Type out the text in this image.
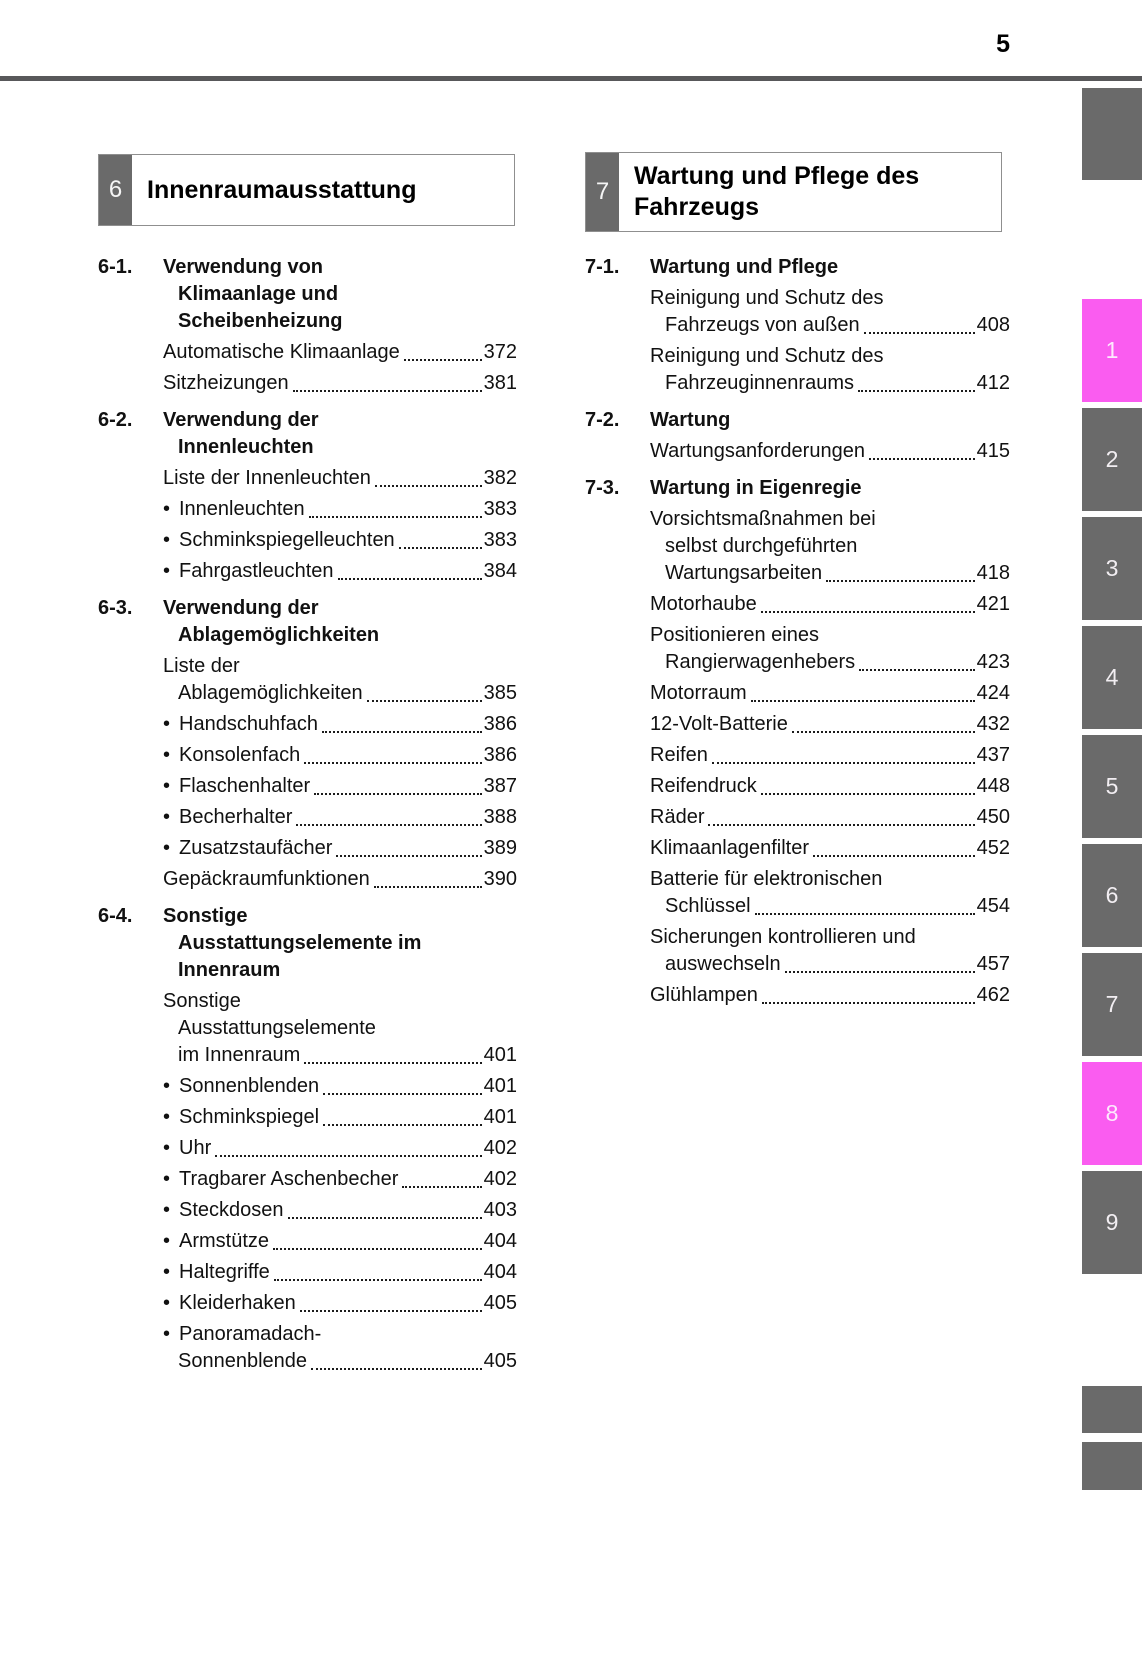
5
6 Innenraumausstattung
6-1.	Verwendung von
Klimaanlage und
Scheibenheizung
Automatische Klimaanlage	372
Sitzheizungen	381
6-2.	Verwendung der
Innenleuchten
Liste der Innenleuchten	382
• Innenleuchten	383
• Schminkspiegelleuchten	383
• Fahrgastleuchten	384
6-3.	Verwendung der
Ablagemöglichkeiten
Liste der
Ablagemöglichkeiten	385
• Handschuhfach	386
• Konsolenfach	386
• Flaschenhalter	387
• Becherhalter	388
• Zusatzstaufächer	389
Gepäckraumfunktionen	390
6-4.	Sonstige
Ausstattungselemente im
Innenraum
Sonstige
Ausstattungselemente
im Innenraum	401
• Sonnenblenden	401
• Schminkspiegel	401
• Uhr	402
• Tragbarer Aschenbecher	402
• Steckdosen	403
• Armstütze	404
• Haltegriffe	404
• Kleiderhaken	405
• Panoramadach-
Sonnenblende	405
7
Wartung und Pflege des
Fahrzeugs
7-1.	Wartung und Pflege
Reinigung und Schutz des
Fahrzeugs von außen	408
Reinigung und Schutz des
Fahrzeuginnenraums	412
7-2.	Wartung
Wartungsanforderungen	415
7-3.	Wartung in Eigenregie
Vorsichtsmaßnahmen bei
selbst durchgeführten
Wartungsarbeiten	418
Motorhaube	421
Positionieren eines
Rangierwagenhebers	423
Motorraum	424
12-Volt-Batterie	432
Reifen	437
Reifendruck	448
Räder	450
Klimaanlagenfilter	452
Batterie für elektronischen
Schlüssel	454
Sicherungen kontrollieren und
auswechseln	457
Glühlampen	462
1
2
3
4
5
6
7
8
9
